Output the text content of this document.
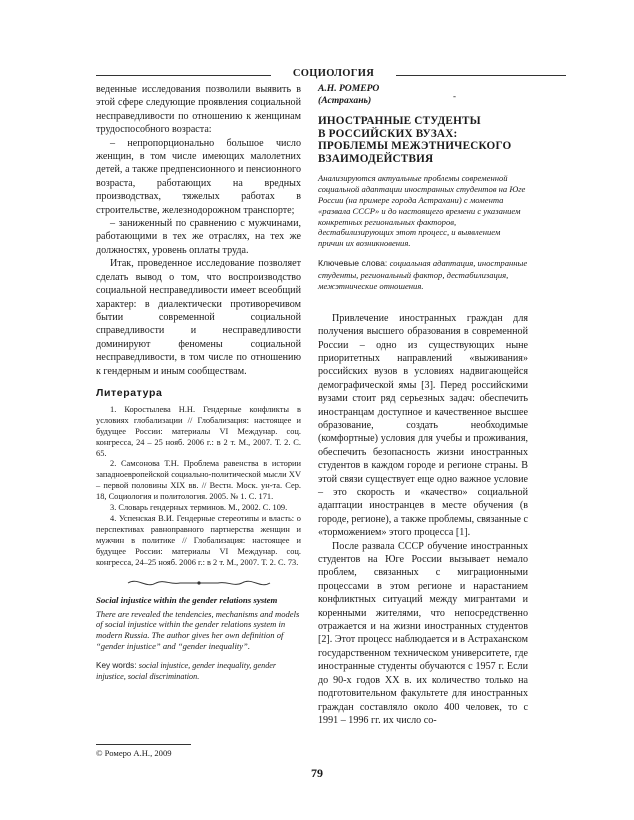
СОЦИОЛОГИЯ

веденные исследования позволили выявить в этой сфере следующие проявления социальной несправедливости по отношению к женщинам трудоспособного возраста:

– непропорционально большое число женщин, в том числе имеющих малолетних детей, а также предпенсионного и пенсионного возраста, работающих на вредных производствах, тяжелых работах в строительстве, железнодорожном транспорте;

– заниженный по сравнению с мужчинами, работающими в тех же отраслях, на тех же должностях, уровень оплаты труда.

Итак, проведенное исследование позволяет сделать вывод о том, что воспроизводство социальной несправедливости имеет всеобщий характер: в диалектически противоречивом бытии современной социальной справедливости и несправедливости доминируют феномены социальной несправедливости, в том числе по отношению к гендерным и иным сообществам.

Литература

1. Коростылева Н.Н. Гендерные конфликты в условиях глобализации // Глобализация: настоящее и будущее России: материалы VI Междунар. соц. конгресса, 24 – 25 нояб. 2006 г.: в 2 т. М., 2007. Т. 2. С. 65.

2. Самсонова Т.Н. Проблема равенства в истории западноевропейской социально-политической мысли XV – первой половины XIX вв. // Вестн. Моск. ун-та. Сер. 18, Социология и политология. 2005. № 1. С. 171.

3. Словарь гендерных терминов. М., 2002. С. 109.

4. Успенская В.И. Гендерные стереотипы и власть: о перспективах равноправного партнерства женщин и мужчин в политике // Глобализация: настоящее и будущее России: материалы VI Междунар. соц. конгресса, 24–25 нояб. 2006 г.: в 2 т. М., 2007. Т. 2. С. 73.

Social injustice within the gender relations system

There are revealed the tendencies, mechanisms and models of social injustice within the gender relations system in modern Russia. The author gives her own definition of “gender injustice” and “gender inequality”.

Key words: social injustice, gender inequality, gender injustice, social discrimination.

А.Н. РОМЕРО

(Астрахань)

ИНОСТРАННЫЕ СТУДЕНТЫ
В РОССИЙСКИХ ВУЗАХ:
ПРОБЛЕМЫ МЕЖЭТНИЧЕСКОГО
ВЗАИМОДЕЙСТВИЯ

Анализируются актуальные проблемы современной социальной адаптации иностранных студентов на Юге России (на примере города Астрахани) с момента «развала СССР» и до настоящего времени с указанием конкретных региональных факторов, дестабилизирующих этот процесс, и выявлением причин их возникновения.

Ключевые слова: социальная адаптация, иностранные студенты, региональный фактор, дестабилизация, межэтнические отношения.

Привлечение иностранных граждан для получения высшего образования в современной России – одно из существующих ныне приоритетных направлений «выживания» российских вузов в условиях надвигающейся демографической ямы [3]. Перед российскими вузами стоит ряд серьезных задач: обеспечить иностранцам доступное и качественное высшее образование, создать необходимые (комфортные) условия для учебы и проживания, обеспечить безопасность жизни иностранных студентов в каждом городе и регионе страны. В этой связи существует еще одно важное условие – это скорость и «качество» социальной адаптации иностранцев в месте обучения (в городе, регионе), а также проблемы, связанные с «торможением» этого процесса [1].

После развала СССР обучение иностранных студентов на Юге России вызывает немало проблем, связанных с миграционными процессами в этом регионе и нарастанием конфликтных ситуаций между мигрантами и коренными жителями, что непосредственно отражается и на жизни иностранных студентов [2]. Этот процесс наблюдается и в Астраханском государственном техническом университете, где иностранные студенты обучаются с 1957 г. Если до 90-х годов XX в. их количество только на подготовительном факультете для иностранных граждан составляло около 400 человек, то с 1991 – 1996 гг. их число со-

-
© Ромеро А.Н., 2009
79
